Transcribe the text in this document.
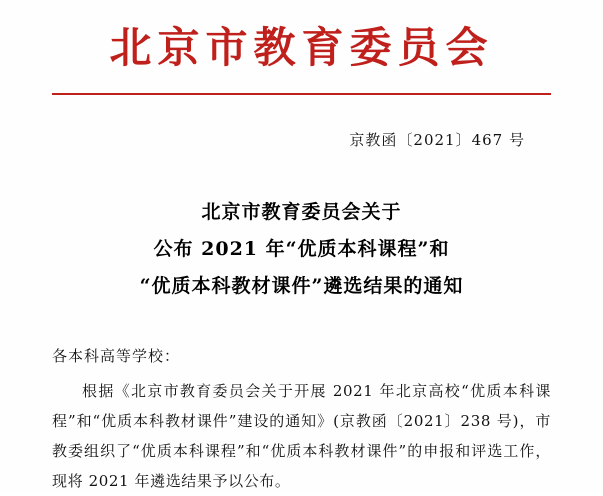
北京市教育委员会
京教函〔2021〕467 号
北京市教育委员会关于
公布 2021 年“优质本科课程”和
“优质本科教材课件”遴选结果的通知
各本科高等学校：

根据《北京市教育委员会关于开展 2021 年北京高校“优质本科课程”和“优质本科教材课件”建设的通知》(京教函〔2021〕238 号)，市教委组织了“优质本科课程”和“优质本科教材课件”的申报和评选工作，现将 2021 年遴选结果予以公布。
